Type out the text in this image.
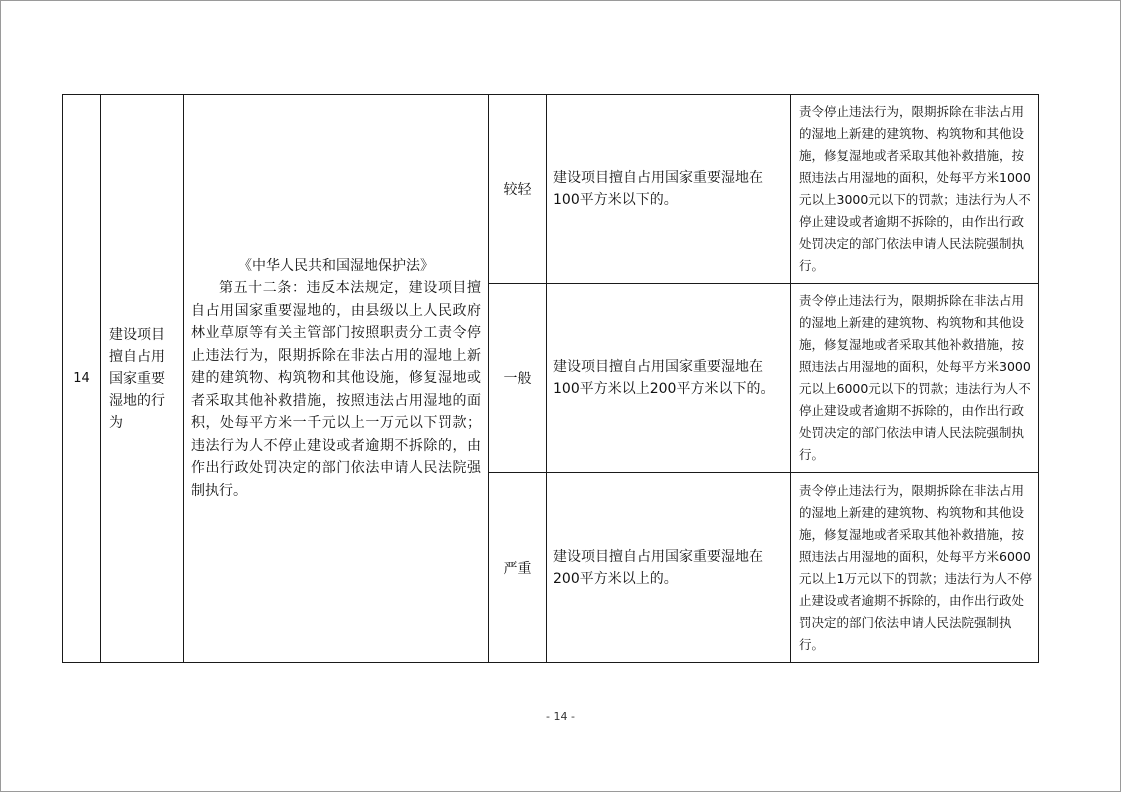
14	建设项目擅自占用国家重要湿地的行为	《中华人民共和国湿地保护法》
第五十二条：违反本法规定，建设项目擅自占用国家重要湿地的，由县级以上人民政府林业草原等有关主管部门按照职责分工责令停止违法行为，限期拆除在非法占用的湿地上新建的建筑物、构筑物和其他设施，修复湿地或者采取其他补救措施，按照违法占用湿地的面积，处每平方米一千元以上一万元以下罚款；违法行为人不停止建设或者逾期不拆除的，由作出行政处罚决定的部门依法申请人民法院强制执行。	较轻	建设项目擅自占用国家重要湿地在100平方米以下的。	责令停止违法行为，限期拆除在非法占用的湿地上新建的建筑物、构筑物和其他设施，修复湿地或者采取其他补救措施，按照违法占用湿地的面积，处每平方米1000元以上3000元以下的罚款；违法行为人不停止建设或者逾期不拆除的，由作出行政处罚决定的部门依法申请人民法院强制执行。
			一般	建设项目擅自占用国家重要湿地在100平方米以上200平方米以下的。	责令停止违法行为，限期拆除在非法占用的湿地上新建的建筑物、构筑物和其他设施，修复湿地或者采取其他补救措施，按照违法占用湿地的面积，处每平方米3000元以上6000元以下的罚款；违法行为人不停止建设或者逾期不拆除的，由作出行政处罚决定的部门依法申请人民法院强制执行。
			严重	建设项目擅自占用国家重要湿地在200平方米以上的。	责令停止违法行为，限期拆除在非法占用的湿地上新建的建筑物、构筑物和其他设施，修复湿地或者采取其他补救措施，按照违法占用湿地的面积，处每平方米6000元以上1万元以下的罚款；违法行为人不停止建设或者逾期不拆除的，由作出行政处罚决定的部门依法申请人民法院强制执行。
- 14 -
